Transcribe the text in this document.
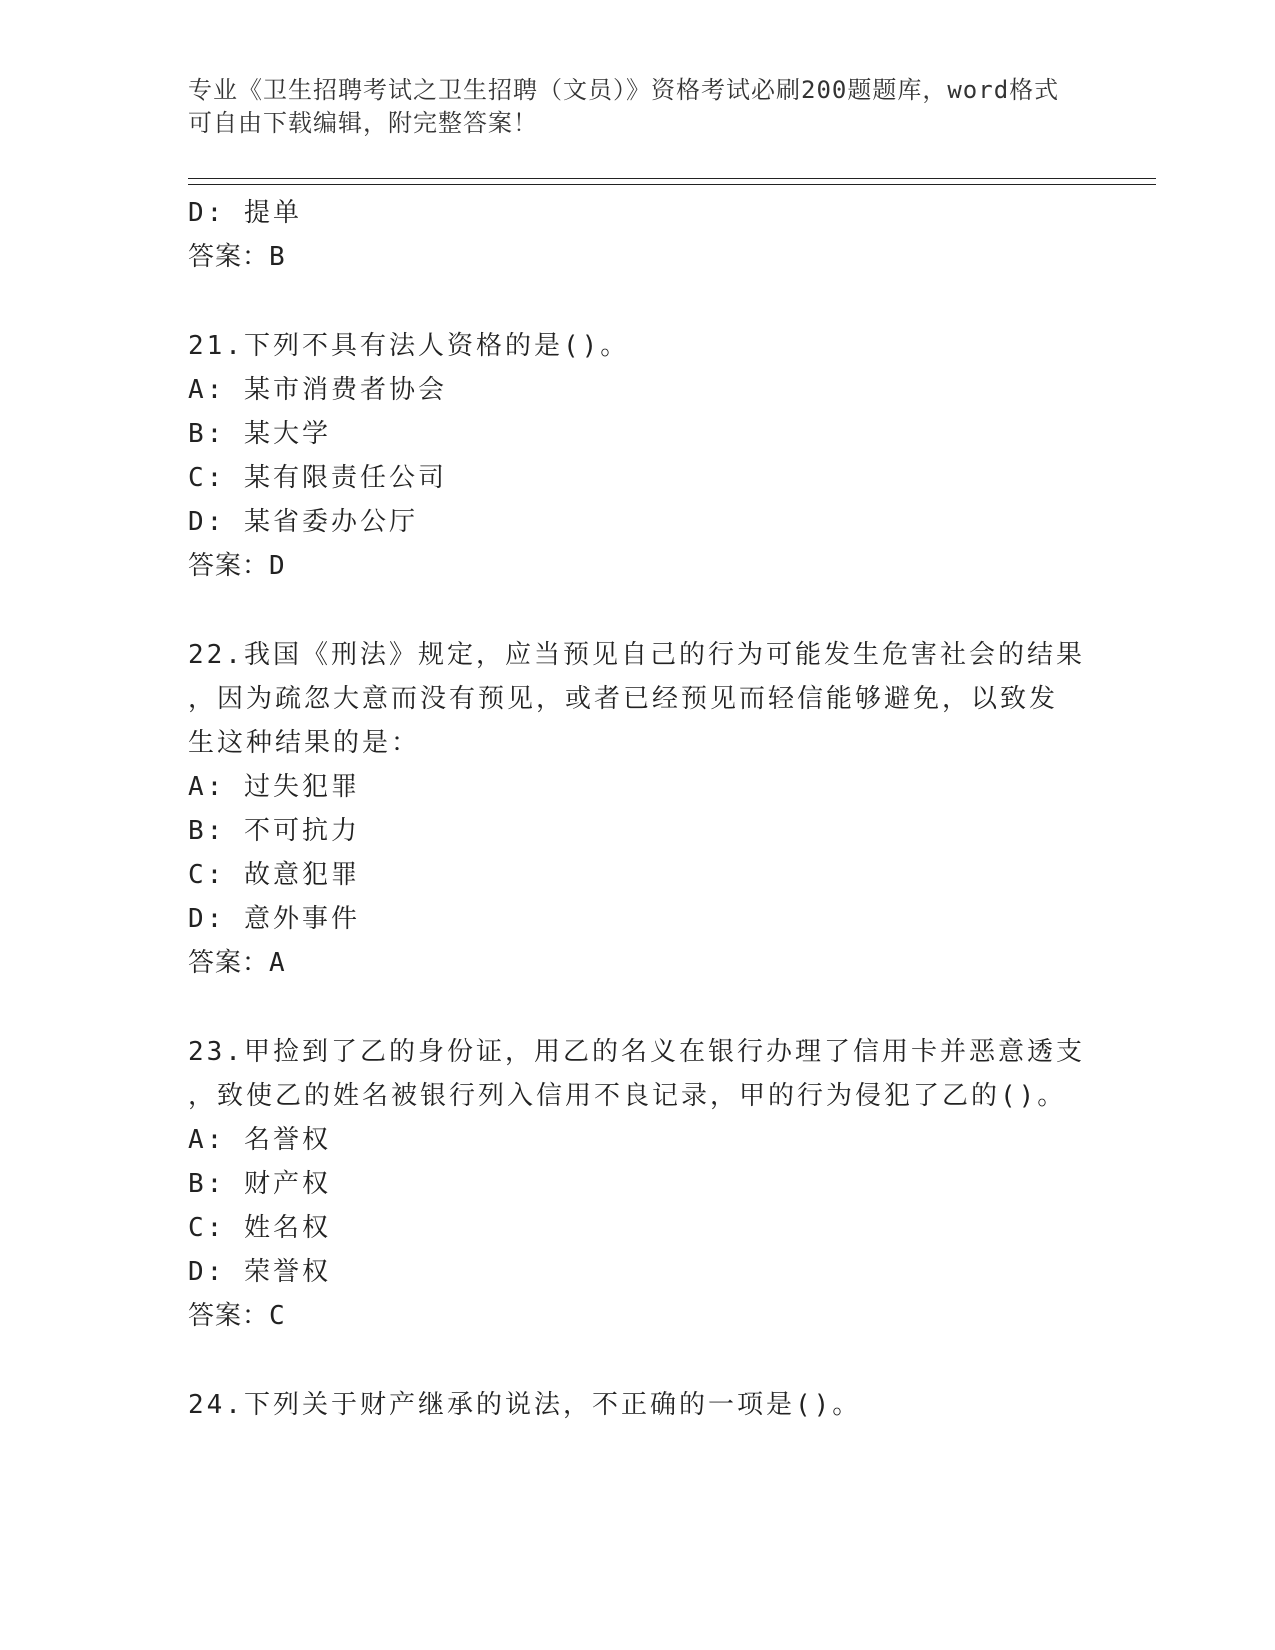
专业《卫生招聘考试之卫生招聘（文员）》资格考试必刷200题题库，word格式
可自由下载编辑，附完整答案！
D: 提单
答案：B
21.下列不具有法人资格的是()。
A: 某市消费者协会
B: 某大学
C: 某有限责任公司
D: 某省委办公厅
答案：D
22.我国《刑法》规定，应当预见自己的行为可能发生危害社会的结果
，因为疏忽大意而没有预见，或者已经预见而轻信能够避免，以致发
生这种结果的是：
A: 过失犯罪
B: 不可抗力
C: 故意犯罪
D: 意外事件
答案：A
23.甲捡到了乙的身份证，用乙的名义在银行办理了信用卡并恶意透支
，致使乙的姓名被银行列入信用不良记录，甲的行为侵犯了乙的()。
A: 名誉权
B: 财产权
C: 姓名权
D: 荣誉权
答案：C
24.下列关于财产继承的说法，不正确的一项是()。
